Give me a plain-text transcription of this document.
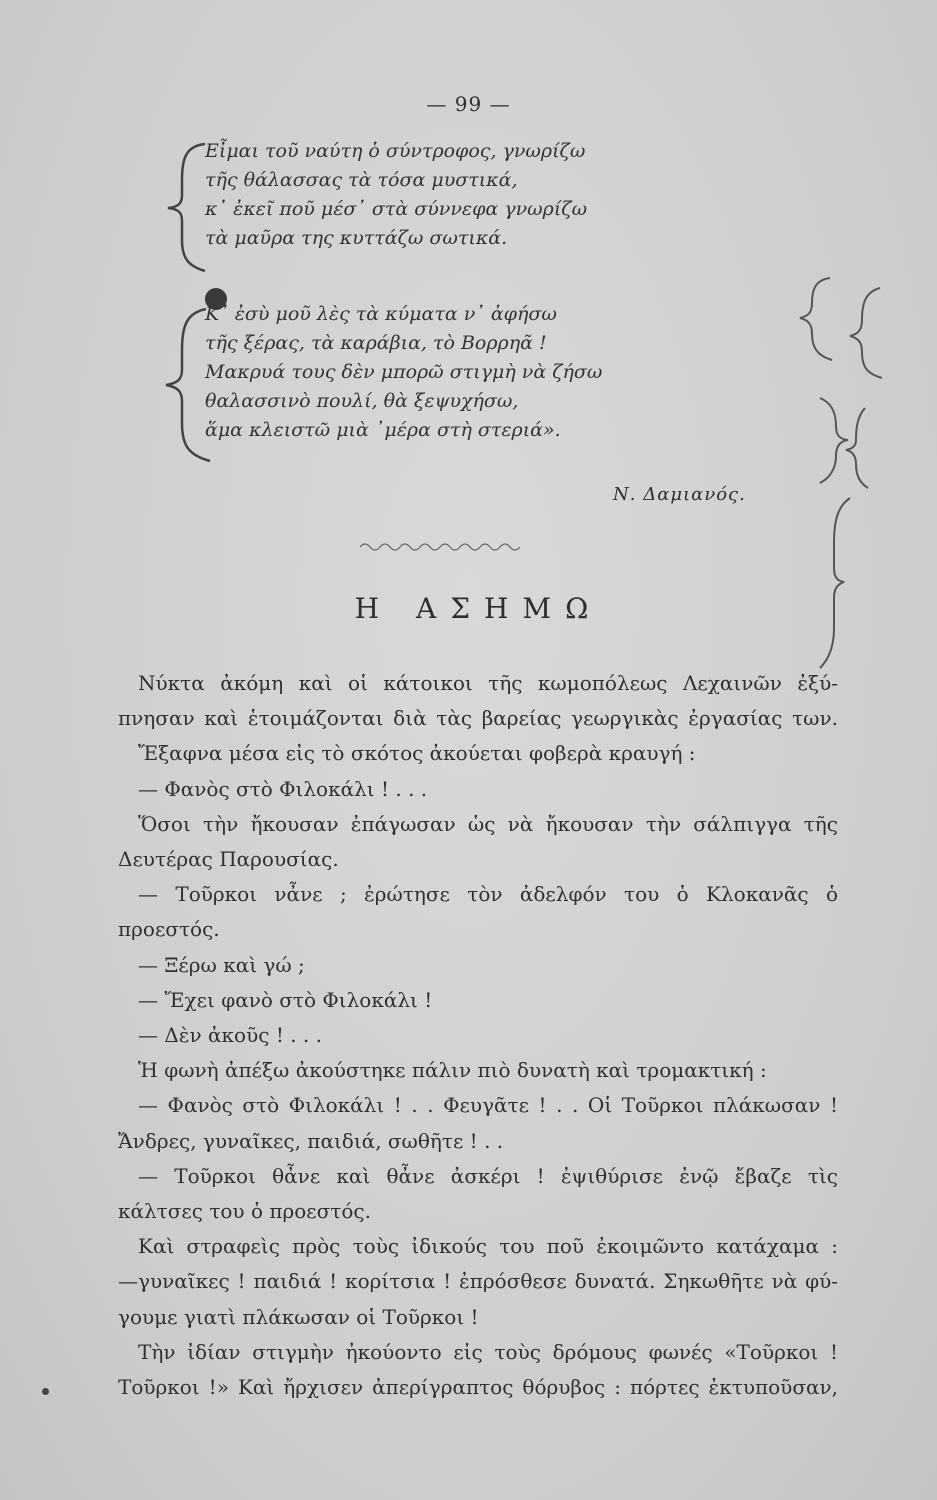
— 99 —
Εἶμαι τοῦ ναύτη ὁ σύντροφος, γνωρίζω
τῆς θάλασσας τὰ τόσα μυστικά,
κ᾿ ἐκεῖ ποῦ μέσ᾿ στὰ σύννεφα γνωρίζω
τὰ μαῦρα της κυττάζω σωτικά.
Κ᾿ ἐσὺ μοῦ λὲς τὰ κύματα ν᾿ ἀφήσω
τῆς ξέρας, τὰ καράβια, τὸ Βορρηᾶ !
Μακρυά τους δὲν μπορῶ στιγμὴ νὰ ζήσω
θαλασσινὸ πουλί, θὰ ξεψυχήσω,
ἅμα κλειστῶ μιὰ ᾿μέρα στὴ στεριά».
Ν. Δαμιανός.
Η ΑΣΗΜΩ

Νύκτα ἀκόμη καὶ οἱ κάτοικοι τῆς κωμοπόλεως Λεχαινῶν ἐξύ-

πνησαν καὶ ἑτοιμάζονται διὰ τὰς βαρείας γεωργικὰς ἐργασίας των.

Ἔξαφνα μέσα εἰς τὸ σκότος ἀκούεται φοβερὰ κραυγή :

— Φανὸς στὸ Φιλοκάλι ! . . .

Ὅσοι τὴν ἤκουσαν ἐπάγωσαν ὡς νὰ ἤκουσαν τὴν σάλπιγγα τῆς

Δευτέρας Παρουσίας.

— Τοῦρκοι νἆνε ; ἐρώτησε τὸν ἀδελφόν του ὁ Κλοκανᾶς ὁ

προεστός.

— Ξέρω καὶ γώ ;

— Ἔχει φανὸ στὸ Φιλοκάλι !

— Δὲν ἀκοῦς ! . . .

Ἡ φωνὴ ἀπέξω ἀκούστηκε πάλιν πιὸ δυνατὴ καὶ τρομακτική :

— Φανὸς στὸ Φιλοκάλι ! . . Φευγᾶτε ! . . Οἱ Τοῦρκοι πλάκωσαν !

Ἄνδρες, γυναῖκες, παιδιά, σωθῆτε ! . .

— Τοῦρκοι θἆνε καὶ θἆνε ἀσκέρι ! ἐψιθύρισε ἐνῷ ἔβαζε τὶς

κάλτσες του ὁ προεστός.

Καὶ στραφεὶς πρὸς τοὺς ἰδικούς του ποῦ ἐκοιμῶντο κατάχαμα :

—γυναῖκες ! παιδιά ! κορίτσια ! ἐπρόσθεσε δυνατά. Σηκωθῆτε νὰ φύ-

γουμε γιατὶ πλάκωσαν οἱ Τοῦρκοι !

Τὴν ἰδίαν στιγμὴν ἠκούοντο εἰς τοὺς δρόμους φωνές «Τοῦρκοι !

Τοῦρκοι !» Καὶ ἤρχισεν ἀπερίγραπτος θόρυβος : πόρτες ἐκτυποῦσαν,
